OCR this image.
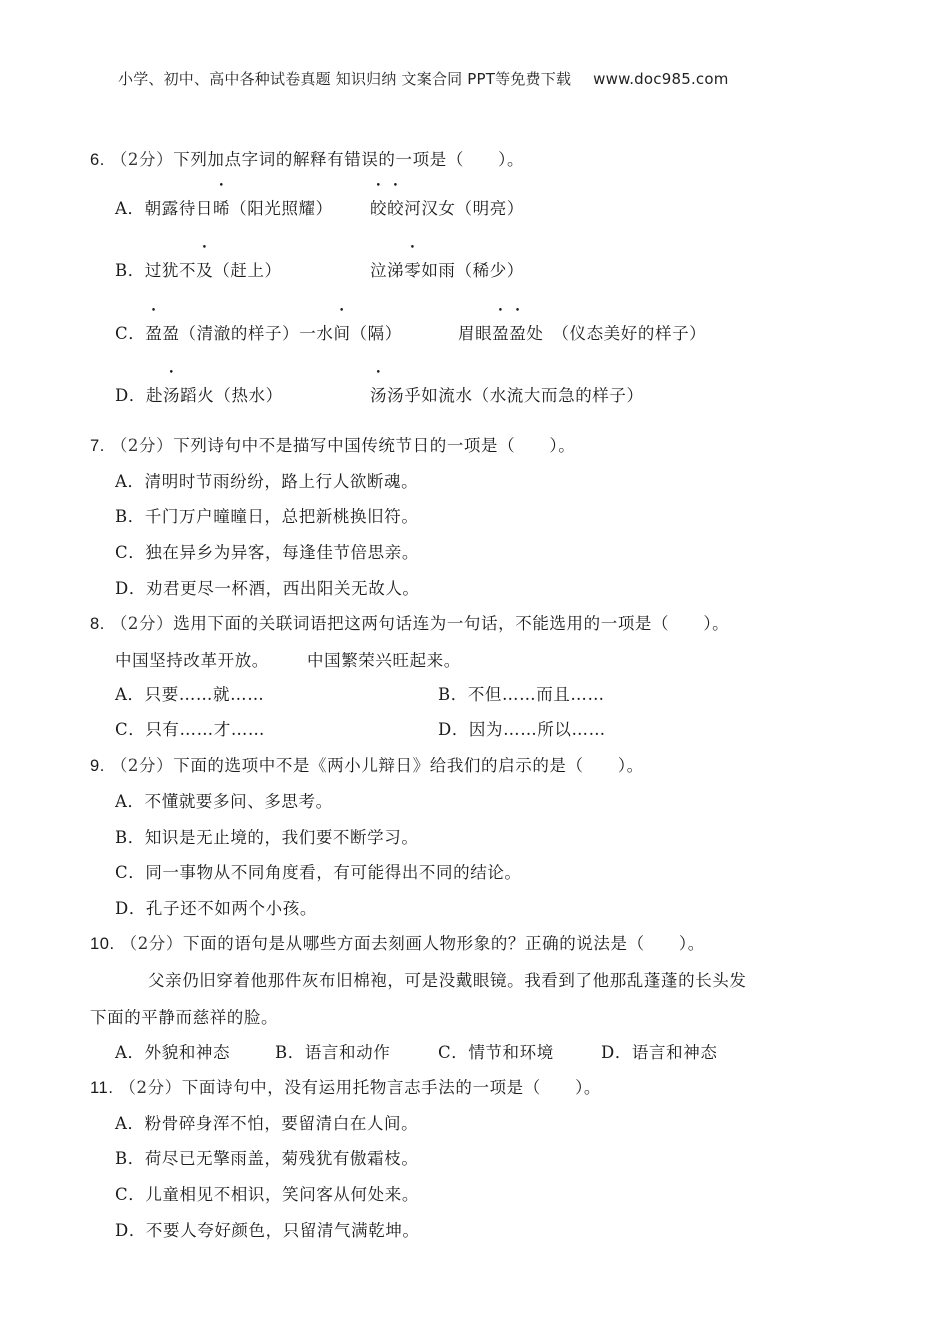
小学、初中、高中各种试卷真题 知识归纳 文案合同 PPT等免费下载 www.doc985.com
6. （2分）下列加点字词的解释有错误的一项是（　　）。
A．朝露待日晞（阳光照耀） 皎皎河汉女（明亮）
B．过犹不及（赶上）	泣涕零如雨（稀少）
C．盈盈（清澈的样子）一水间（隔）	眉眼盈盈处　（仪态美好的样子）
D．赴汤蹈火（热水）	汤汤乎如流水（水流大而急的样子）
7. （2分）下列诗句中不是描写中国传统节日的一项是（　　）。
A．清明时节雨纷纷，路上行人欲断魂。
B．千门万户曈曈日，总把新桃换旧符。
C．独在异乡为异客，每逢佳节倍思亲。
D．劝君更尽一杯酒，西出阳关无故人。
8. （2分）选用下面的关联词语把这两句话连为一句话，不能选用的一项是（　　）。
中国坚持改革开放。 中国繁荣兴旺起来。
A．只要……就……	B．不但……而且……
C．只有……才……	D．因为……所以……
9. （2分）下面的选项中不是《两小儿辩日》给我们的启示的是（　　）。
A．不懂就要多问、多思考。
B．知识是无止境的，我们要不断学习。
C．同一事物从不同角度看，有可能得出不同的结论。
D．孔子还不如两个小孩。
10. （2分）下面的语句是从哪些方面去刻画人物形象的？正确的说法是（　　）。
父亲仍旧穿着他那件灰布旧棉袍，可是没戴眼镜。我看到了他那乱蓬蓬的长头发
下面的平静而慈祥的脸。
A．外貌和神态	B．语言和动作	C．情节和环境	D．语言和神态
11. （2分）下面诗句中，没有运用托物言志手法的一项是（　　）。
A．粉骨碎身浑不怕，要留清白在人间。
B．荷尽已无擎雨盖，菊残犹有傲霜枝。
C．儿童相见不相识，笑问客从何处来。
D．不要人夸好颜色，只留清气满乾坤。
